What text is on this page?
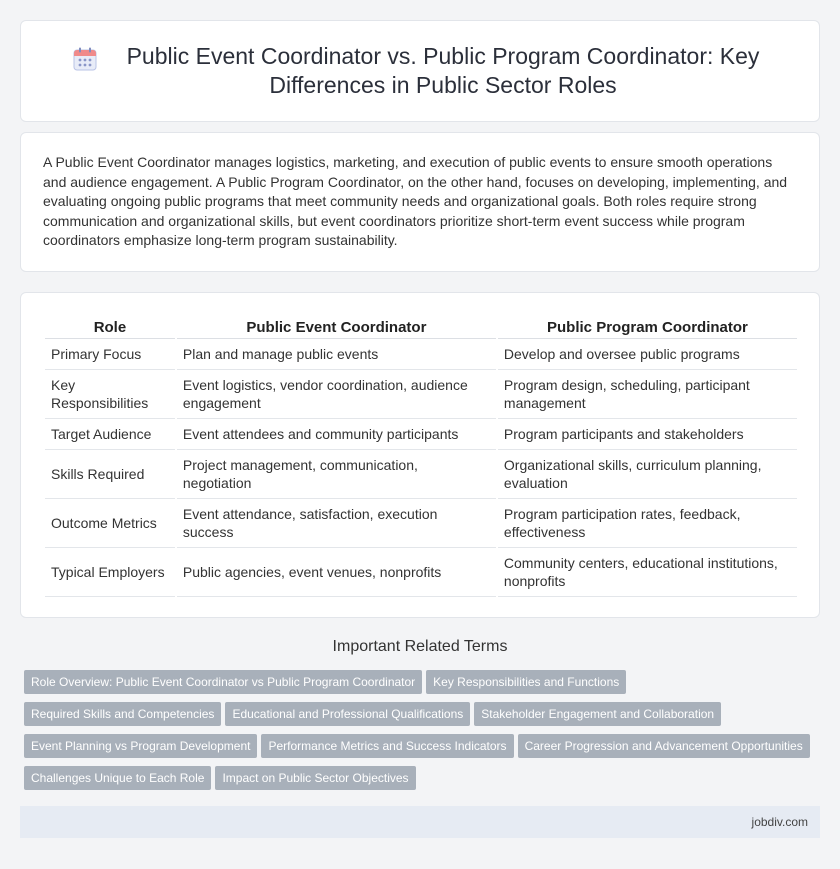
Public Event Coordinator vs. Public Program Coordinator: Key Differences in Public Sector Roles

A Public Event Coordinator manages logistics, marketing, and execution of public events to ensure smooth operations and audience engagement. A Public Program Coordinator, on the other hand, focuses on developing, implementing, and evaluating ongoing public programs that meet community needs and organizational goals. Both roles require strong communication and organizational skills, but event coordinators prioritize short-term event success while program coordinators emphasize long-term program sustainability.

Role	Public Event Coordinator	Public Program Coordinator
Primary Focus	Plan and manage public events	Develop and oversee public programs
Key Responsibilities	Event logistics, vendor coordination, audience engagement	Program design, scheduling, participant management
Target Audience	Event attendees and community participants	Program participants and stakeholders
Skills Required	Project management, communication, negotiation	Organizational skills, curriculum planning, evaluation
Outcome Metrics	Event attendance, satisfaction, execution success	Program participation rates, feedback, effectiveness
Typical Employers	Public agencies, event venues, nonprofits	Community centers, educational institutions, nonprofits
Important Related Terms
Role Overview: Public Event Coordinator vs Public Program Coordinator Key Responsibilities and Functions
Required Skills and Competencies Educational and Professional Qualifications Stakeholder Engagement and Collaboration
Event Planning vs Program Development Performance Metrics and Success Indicators Career Progression and Advancement Opportunities
Challenges Unique to Each Role Impact on Public Sector Objectives
jobdiv.com
